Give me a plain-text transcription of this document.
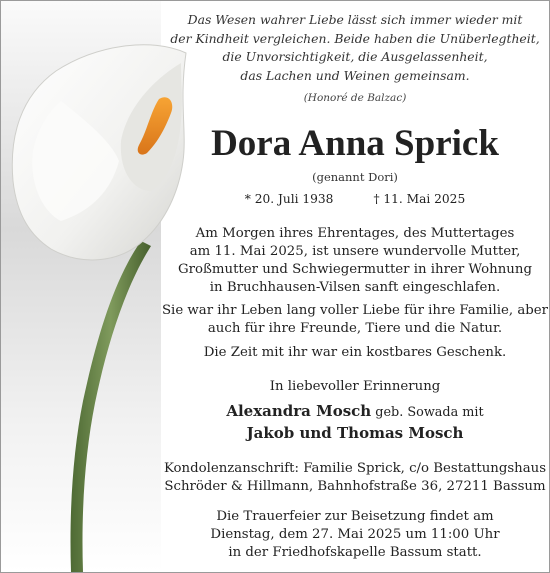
Das Wesen wahrer Liebe lässt sich immer wieder mit
der Kindheit vergleichen. Beide haben die Unüberlegtheit,
die Unvorsichtigkeit, die Ausgelassenheit,
das Lachen und Weinen gemeinsam.
(Honoré de Balzac)
Dora Anna Sprick
(genannt Dori)
* 20. Juli 1938	† 11. Mai 2025
Am Morgen ihres Ehrentages, des Muttertages
am 11. Mai 2025, ist unsere wundervolle Mutter,
Großmutter und Schwiegermutter in ihrer Wohnung
in Bruchhausen-Vilsen sanft eingeschlafen.
Sie war ihr Leben lang voller Liebe für ihre Familie, aber
auch für ihre Freunde, Tiere und die Natur.
Die Zeit mit ihr war ein kostbares Geschenk.
In liebevoller Erinnerung
Alexandra Mosch geb. Sowada mit
Jakob und Thomas Mosch
Kondolenzanschrift: Familie Sprick, c/o Bestattungshaus
Schröder & Hillmann, Bahnhofstraße 36, 27211 Bassum
Die Trauerfeier zur Beisetzung findet am
Dienstag, dem 27. Mai 2025 um 11:00 Uhr
in der Friedhofskapelle Bassum statt.
